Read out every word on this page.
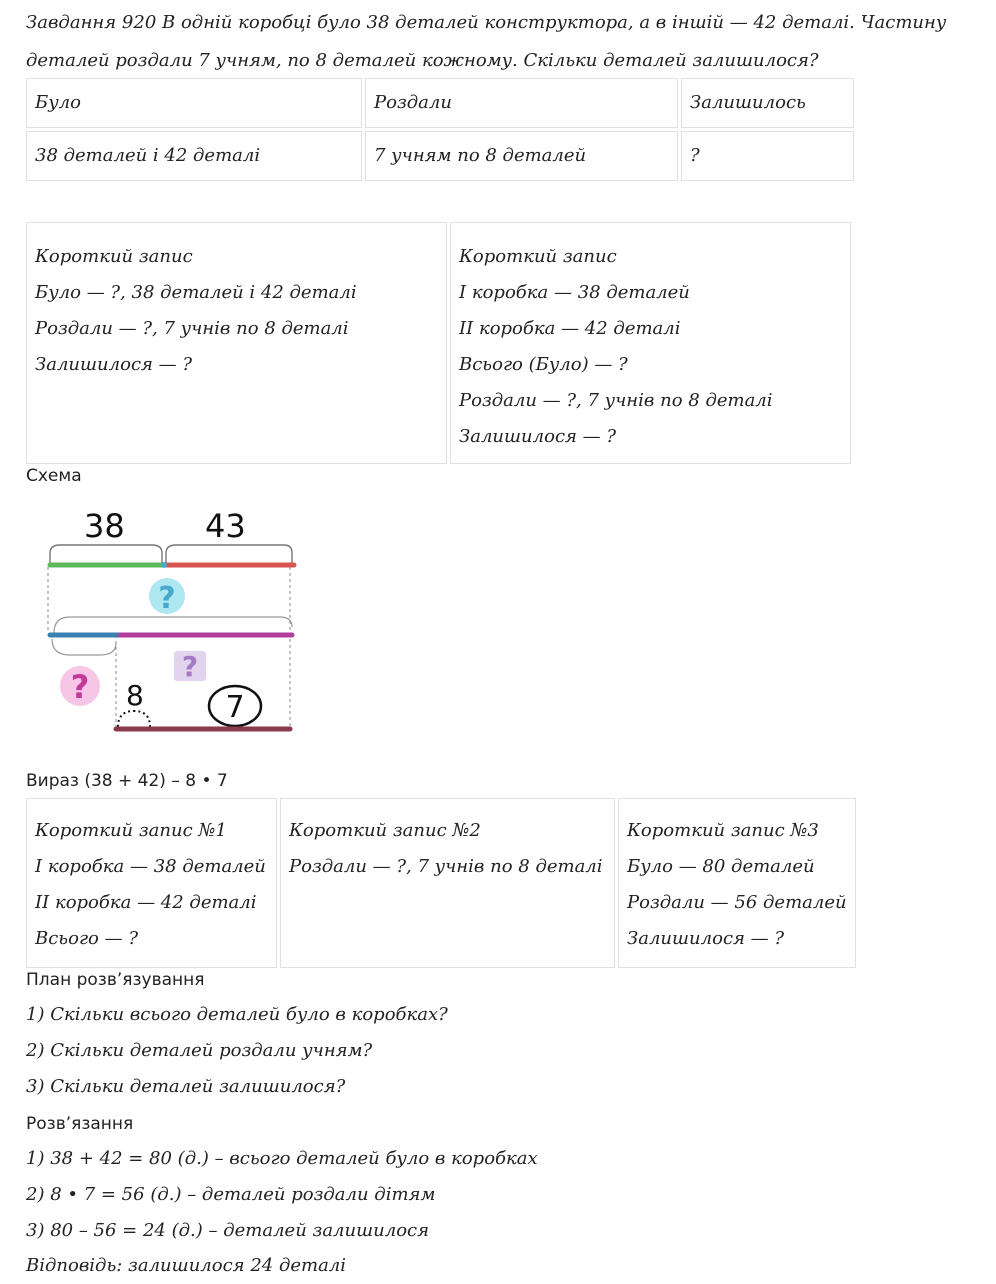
Завдання 920 В одній коробці було 38 деталей конструктора, а в іншій — 42 деталі. Частину
деталей роздали 7 учням, по 8 деталей кожному. Скільки деталей залишилося?
Було	Роздали	Залишилось

38 деталей і 42 деталі	7 учням по 8 деталей	?
Короткий запис
Було — ?, 38 деталей і 42 деталі
Роздали — ?, 7 учнів по 8 деталі
Залишилося — ?

Короткий запис
І коробка — 38 деталей
ІІ коробка — 42 деталі
Всього (Було) — ?
Роздали — ?, 7 учнів по 8 деталі
Залишилося — ?
Схема
38	43
?
?
? 8	7
Вираз (38 + 42) – 8 • 7
Короткий запис №1
І коробка — 38 деталей
ІІ коробка — 42 деталі
Всього — ?

Короткий запис №2
Роздали — ?, 7 учнів по 8 деталі

Короткий запис №3
Було — 80 деталей
Роздали — 56 деталей
Залишилося — ?
План розв’язування
1) Скільки всього деталей було в коробках?
2) Скільки деталей роздали учням?
3) Скільки деталей залишилося?
Розв’язання
1) 38 + 42 = 80 (д.) – всього деталей було в коробках
2) 8 • 7 = 56 (д.) – деталей роздали дітям
3) 80 – 56 = 24 (д.) – деталей залишилося
Відповідь: залишилося 24 деталі
